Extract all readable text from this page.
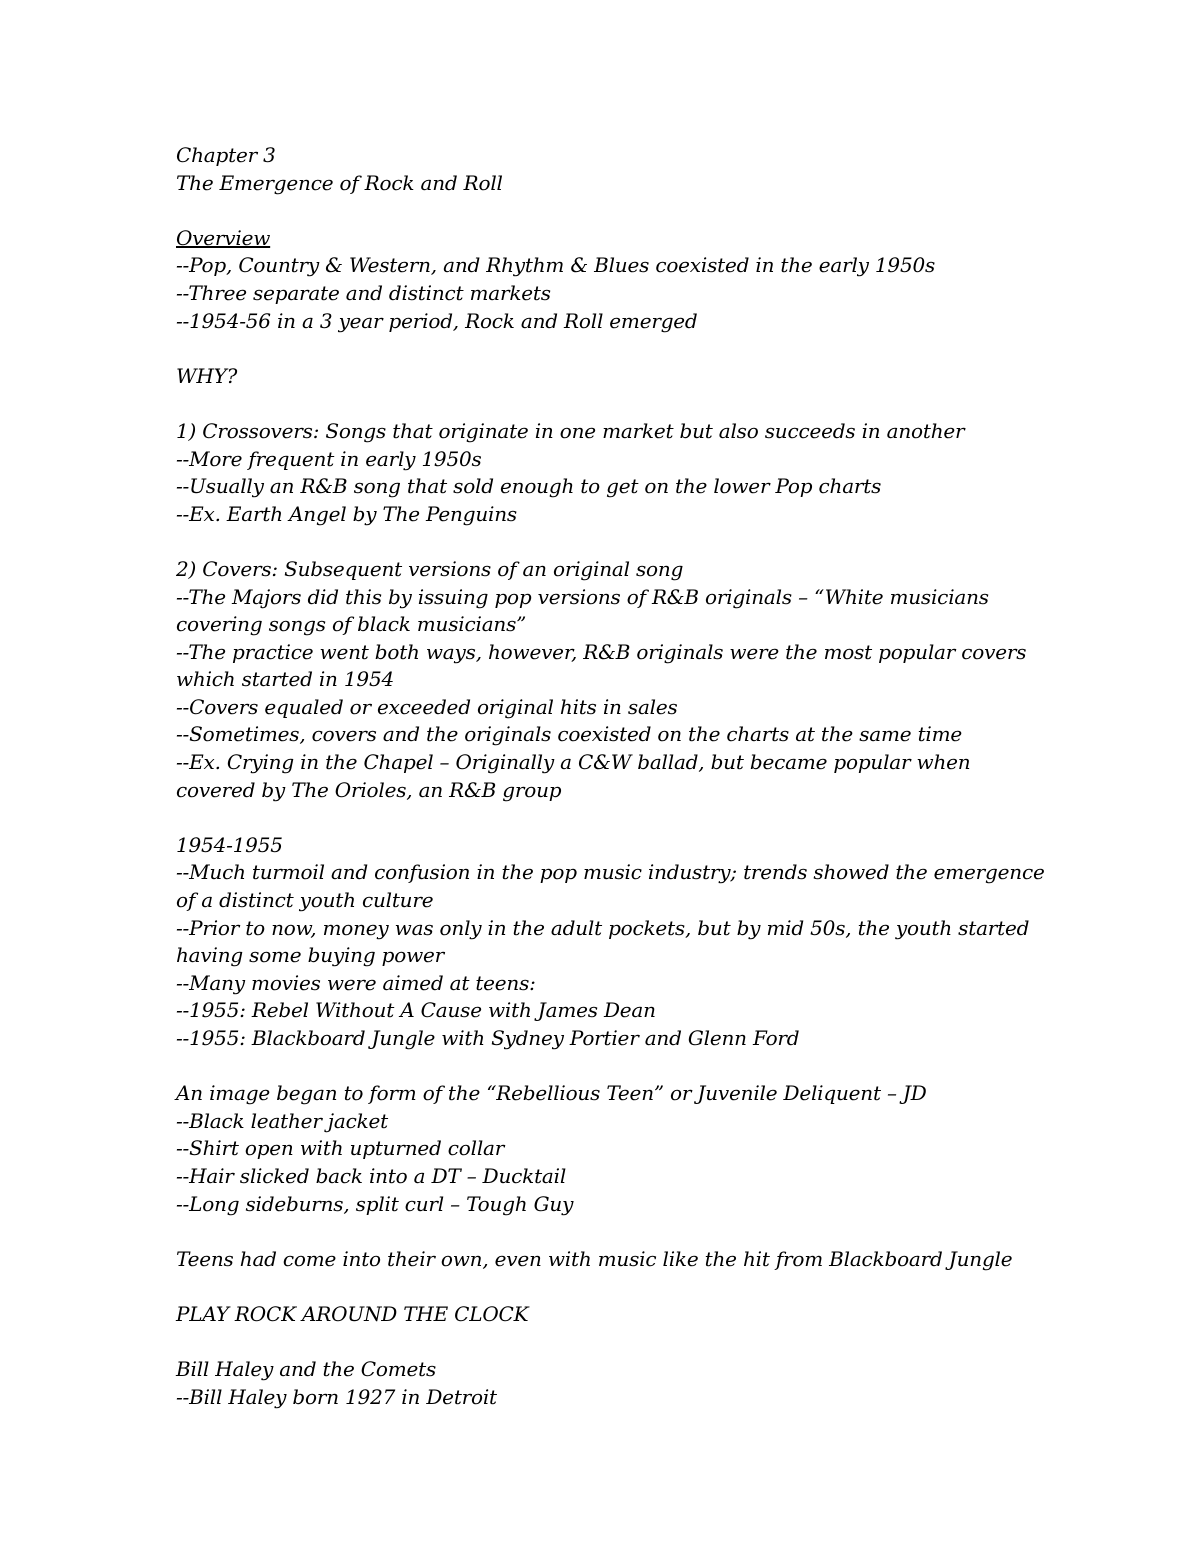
Chapter 3
The Emergence of Rock and Roll
Overview
--Pop, Country & Western, and Rhythm & Blues coexisted in the early 1950s
--Three separate and distinct markets
--1954-56 in a 3 year period, Rock and Roll emerged
WHY?
1) Crossovers: Songs that originate in one market but also succeeds in another
--More frequent in early 1950s
--Usually an R&B song that sold enough to get on the lower Pop charts
--Ex. Earth Angel by The Penguins
2) Covers: Subsequent versions of an original song
--The Majors did this by issuing pop versions of R&B originals – “White musicians
covering songs of black musicians”
--The practice went both ways, however, R&B originals were the most popular covers
which started in 1954
--Covers equaled or exceeded original hits in sales
--Sometimes, covers and the originals coexisted on the charts at the same time
--Ex. Crying in the Chapel – Originally a C&W ballad, but became popular when
covered by The Orioles, an R&B group
1954-1955
--Much turmoil and confusion in the pop music industry; trends showed the emergence
of a distinct youth culture
--Prior to now, money was only in the adult pockets, but by mid 50s, the youth started
having some buying power
--Many movies were aimed at teens:
--1955: Rebel Without A Cause with James Dean
--1955: Blackboard Jungle with Sydney Portier and Glenn Ford
An image began to form of the “Rebellious Teen” or Juvenile Deliquent – JD
--Black leather jacket
--Shirt open with upturned collar
--Hair slicked back into a DT – Ducktail
--Long sideburns, split curl – Tough Guy
Teens had come into their own, even with music like the hit from Blackboard Jungle
PLAY ROCK AROUND THE CLOCK
Bill Haley and the Comets
--Bill Haley born 1927 in Detroit
